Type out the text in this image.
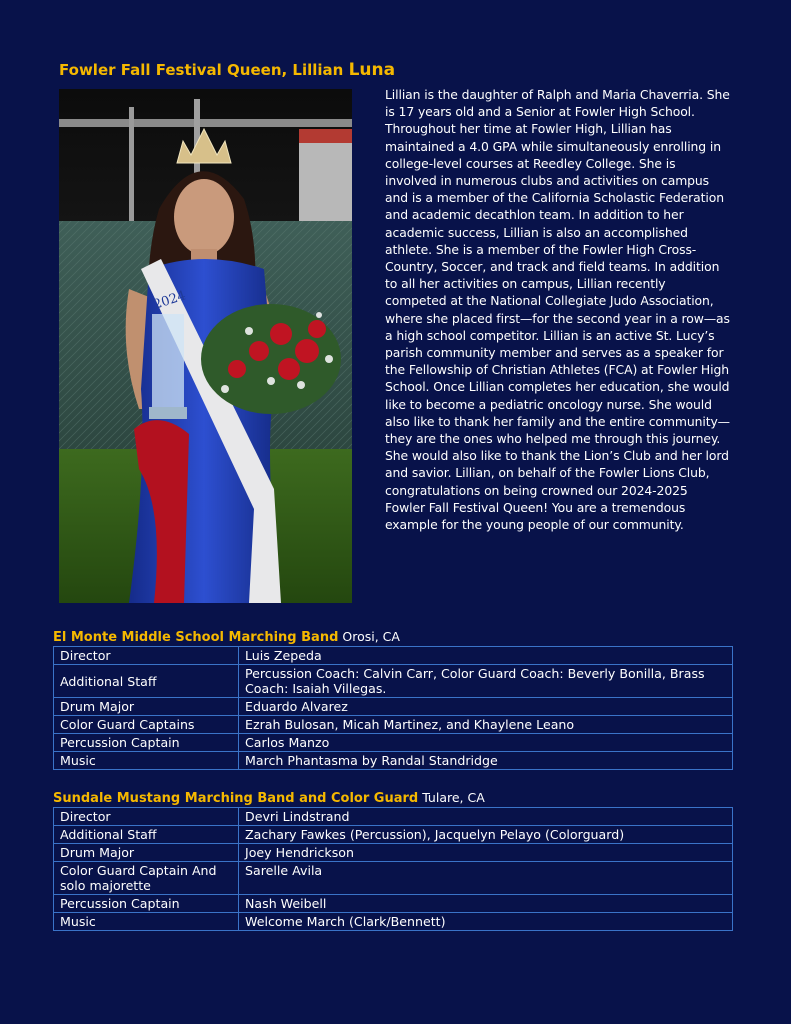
Fowler Fall Festival Queen, Lillian Luna
2024
Lillian is the daughter of Ralph and Maria Chaverria. She is 17 years old and a Senior at Fowler High School. Throughout her time at Fowler High, Lillian has maintained a 4.0 GPA while simultaneously enrolling in college-level courses at Reedley College. She is involved in numerous clubs and activities on campus and is a member of the California Scholastic Federation and academic decathlon team. In addition to her academic success, Lillian is also an accomplished athlete. She is a member of the Fowler High Cross-Country, Soccer, and track and field teams. In addition to all her activities on campus, Lillian recently competed at the National Collegiate Judo Association, where she placed first—for the second year in a row—as a high school competitor. Lillian is an active St. Lucy’s parish community member and serves as a speaker for the Fellowship of Christian Athletes (FCA) at Fowler High School. Once Lillian completes her education, she would like to become a pediatric oncology nurse. She would also like to thank her family and the entire community—they are the ones who helped me through this journey. She would also like to thank the Lion’s Club and her lord and savior. Lillian, on behalf of the Fowler Lions Club, congratulations on being crowned our 2024-2025 Fowler Fall Festival Queen! You are a tremendous example for the young people of our community.
El Monte Middle School Marching Band Orosi, CA
Director	Luis Zepeda
Additional Staff	Percussion Coach: Calvin Carr, Color Guard Coach: Beverly Bonilla, Brass Coach: Isaiah Villegas.
Drum Major	Eduardo Alvarez
Color Guard Captains	Ezrah Bulosan, Micah Martinez, and Khaylene Leano
Percussion Captain	Carlos Manzo
Music	March Phantasma by Randal Standridge
Sundale Mustang Marching Band and Color Guard Tulare, CA
Director	Devri Lindstrand
Additional Staff	Zachary Fawkes (Percussion), Jacquelyn Pelayo (Colorguard)
Drum Major	Joey Hendrickson
Color Guard Captain And solo majorette	Sarelle Avila
Percussion Captain	Nash Weibell
Music	Welcome March (Clark/Bennett)
